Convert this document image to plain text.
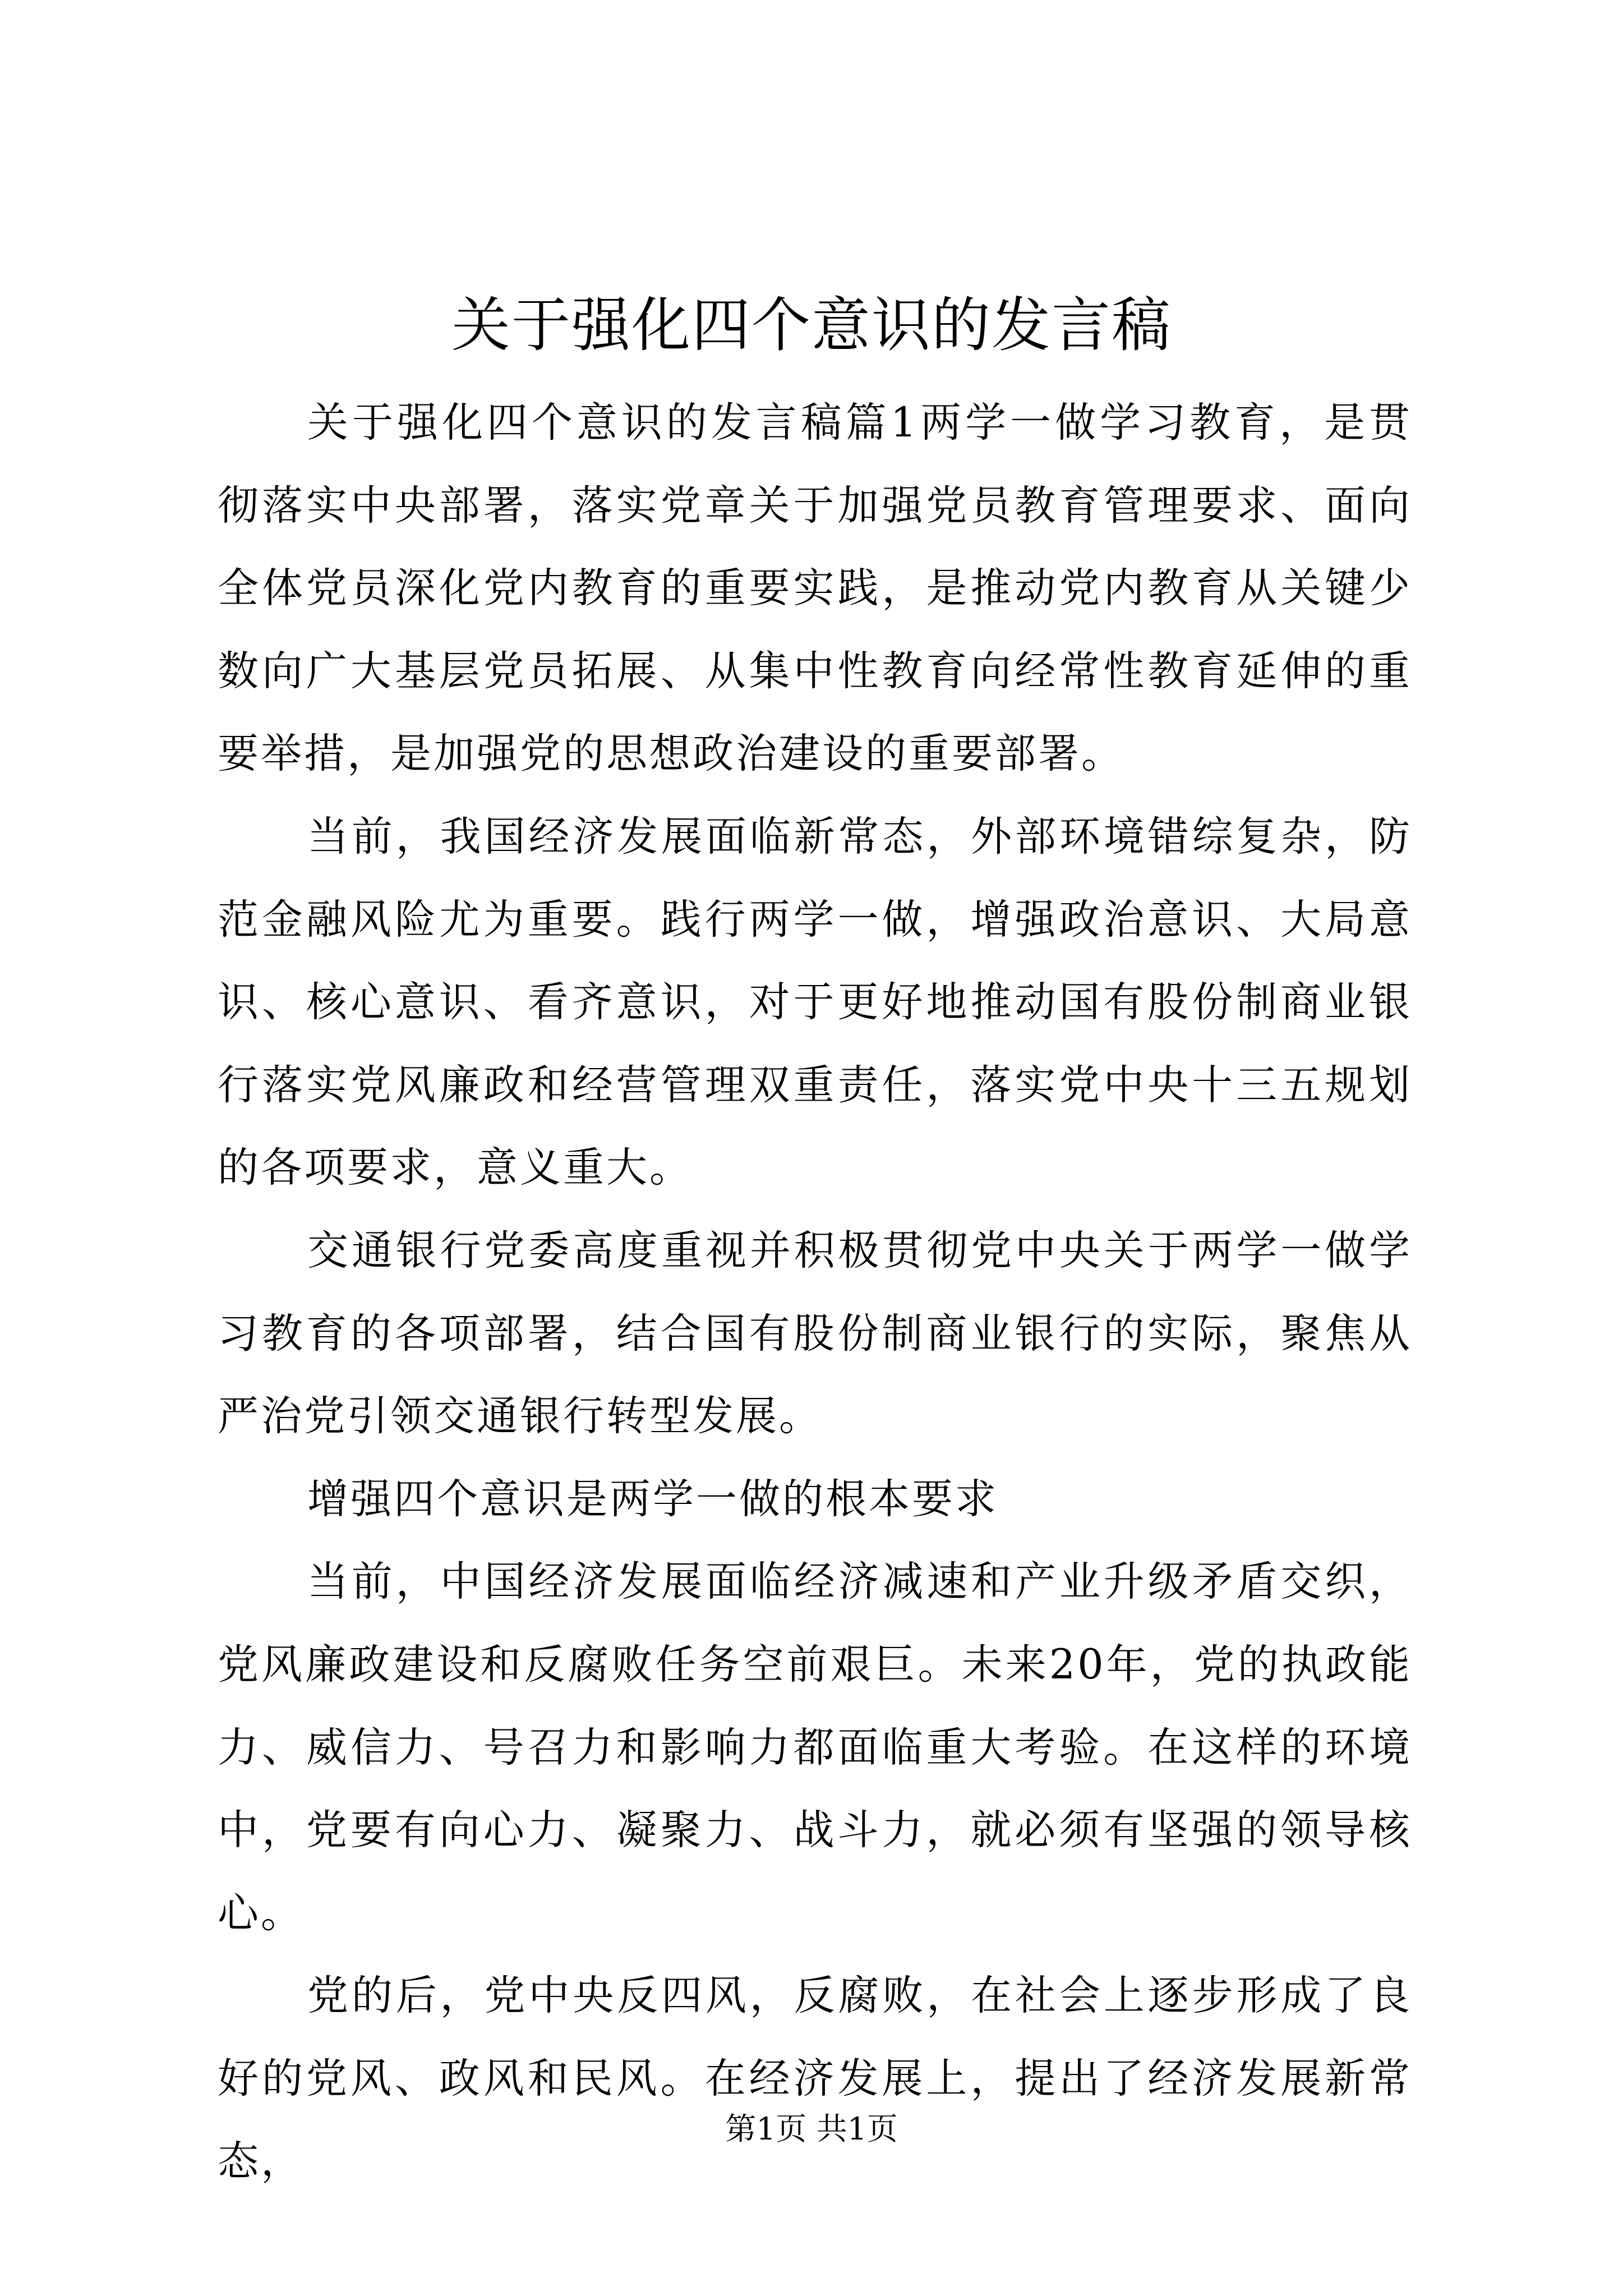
关于强化四个意识的发言稿

关于强化四个意识的发言稿篇1两学一做学习教育，是贯彻落实中央部署，落实党章关于加强党员教育管理要求、面向全体党员深化党内教育的重要实践，是推动党内教育从关键少数向广大基层党员拓展、从集中性教育向经常性教育延伸的重要举措，是加强党的思想政治建设的重要部署。

当前，我国经济发展面临新常态，外部环境错综复杂，防范金融风险尤为重要。践行两学一做，增强政治意识、大局意识、核心意识、看齐意识，对于更好地推动国有股份制商业银行落实党风廉政和经营管理双重责任，落实党中央十三五规划的各项要求，意义重大。

交通银行党委高度重视并积极贯彻党中央关于两学一做学习教育的各项部署，结合国有股份制商业银行的实际，聚焦从严治党引领交通银行转型发展。

增强四个意识是两学一做的根本要求

当前，中国经济发展面临经济减速和产业升级矛盾交织，党风廉政建设和反腐败任务空前艰巨。未来20年，党的执政能力、威信力、号召力和影响力都面临重大考验。在这样的环境中，党要有向心力、凝聚力、战斗力，就必须有坚强的领导核心。

党的后，党中央反四风，反腐败，在社会上逐步形成了良好的党风、政风和民风。在经济发展上，提出了经济发展新常态，

第1页 共1页
